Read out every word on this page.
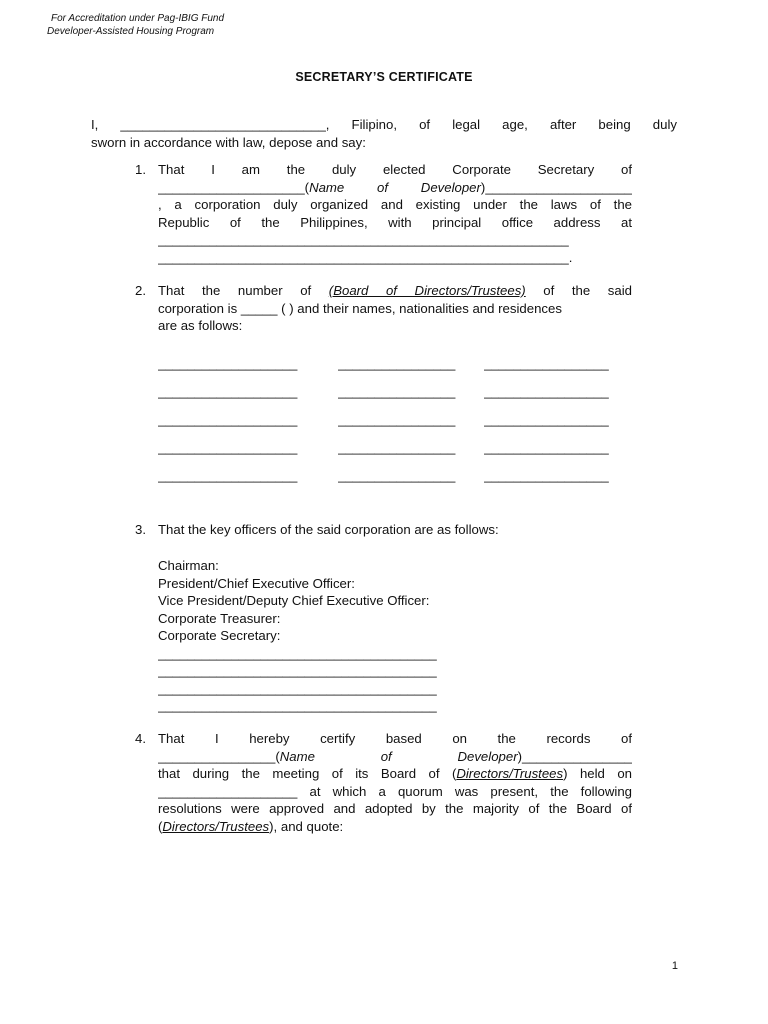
For Accreditation under Pag-IBIG Fund
Developer-Assisted Housing Program
SECRETARY’S CERTIFICATE
I, ____________________________, Filipino, of legal age, after being duly
sworn in accordance with law, depose and say:
1. That I am the duly elected Corporate Secretary of
____________________(Name of Developer)____________________
, a corporation duly organized and existing under the laws of the
Republic of the Philippines, with principal office address at
________________________________________________________
________________________________________________________.
2. That the number of (Board of Directors/Trustees) of the said
corporation is _____ ( ) and their names, nationalities and residences
are as follows:
___________________	________________	_________________
___________________	________________	_________________
___________________	________________	_________________
___________________	________________	_________________
___________________	________________	_________________
3. That the key officers of the said corporation are as follows:
Chairman:
President/Chief Executive Officer:
Vice President/Deputy Chief Executive Officer:
Corporate Treasurer:
Corporate Secretary:
______________________________________
______________________________________
______________________________________
______________________________________
4. That I hereby certify based on the records of
________________(Name of Developer)_______________
that during the meeting of its Board of (Directors/Trustees) held on
___________________ at which a quorum was present, the following
resolutions were approved and adopted by the majority of the Board of
(Directors/Trustees), and quote:
1
